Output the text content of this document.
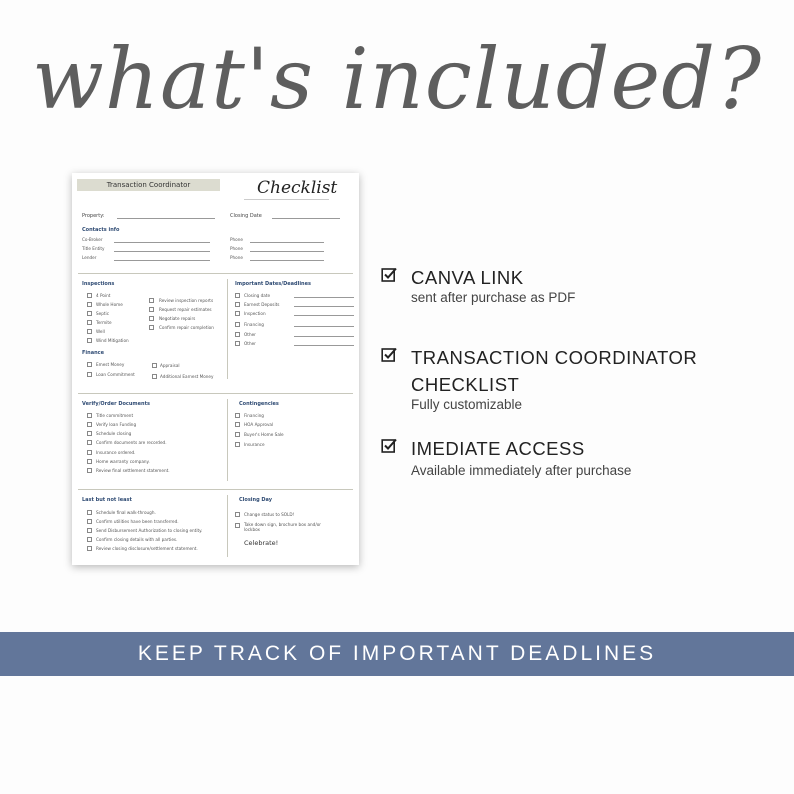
what's included?
Transaction Coordinator	Checklist
Property:	Closing Date
Contacts info
Co-Broker
Title Entity
Lender
Phone
Phone
Phone
Inspections
4 Point
Whole Home
Septic
Termite
Well
Wind Mitigation
Review inspection reports
Request repair estimates
Negotiate repairs
Confirm repair completion
Important Dates/Deadlines
Closing date
Earnest Deposits
Inspection
Financing
Other
Other
Finance
Emest Money
Loan Commitment
Appraisal
Additional Earnest Money
Verify/Order Documents
Title commitment
Verify loan Funding
Schedule closing
Confirm documents are recorded.
Insurance ordered.
Home warranty company.
Review final settlement statement.
Contingencies
Financing
HOA Approval
Buyer's Home Sale
Insurance
Last but not least
Schedule final walk-through.
Confirm utilities have been transferred.
Send Disbursement Authorization to closing entity.
Confirm closing details with all parties.
Review closing disclosure/settlement statement.
Closing Day
Change status to SOLD!
Take down sign, brochure box and/or lockbox
Celebrate!
CANVA LINK
sent after purchase as PDF
TRANSACTION COORDINATOR CHECKLIST
Fully customizable
IMEDIATE ACCESS
Available immediately after purchase
KEEP TRACK OF IMPORTANT DEADLINES
